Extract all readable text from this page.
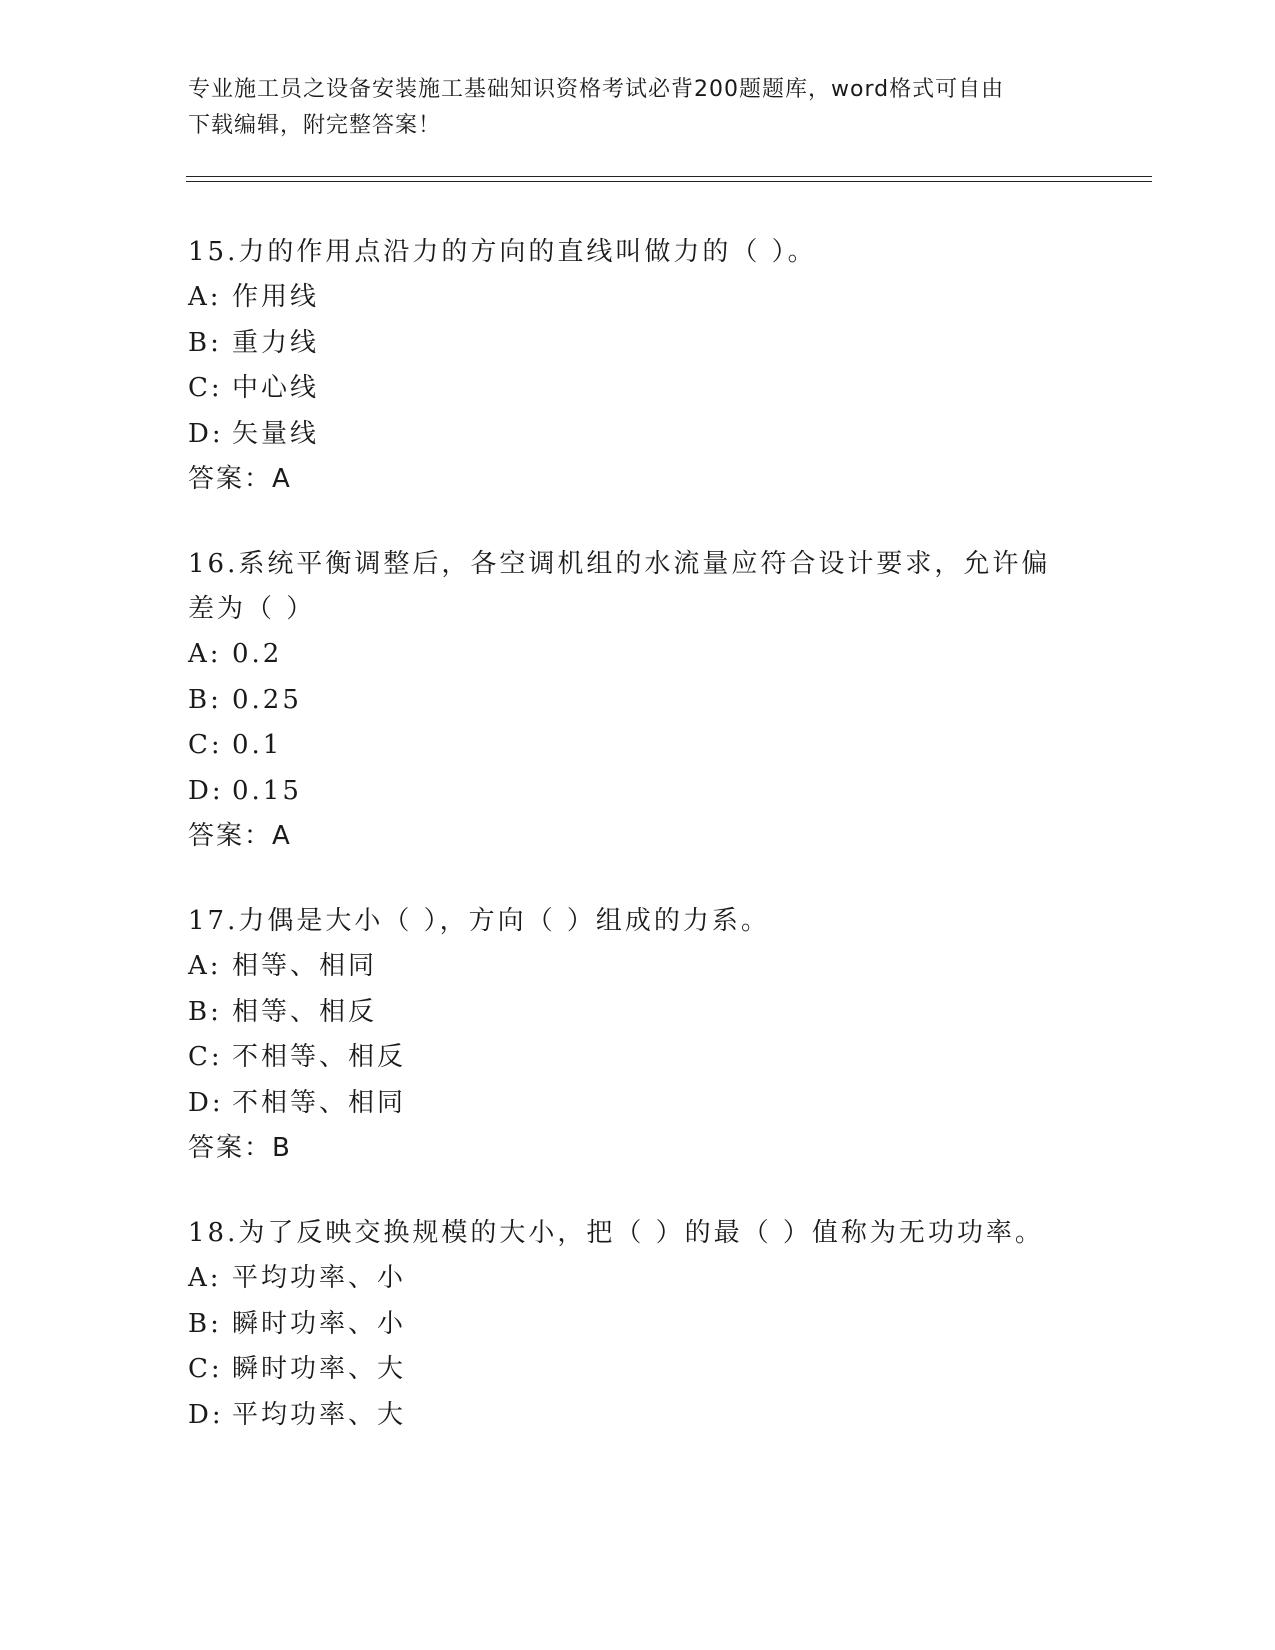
专业施工员之设备安装施工基础知识资格考试必背200题题库，word格式可自由
下载编辑，附完整答案！
15.力的作用点沿力的方向的直线叫做力的（ ）。
A: 作用线
B: 重力线
C: 中心线
D: 矢量线
答案：A
16.系统平衡调整后，各空调机组的水流量应符合设计要求，允许偏差为（ ）
A: 0.2
B: 0.25
C: 0.1
D: 0.15
答案：A
17.力偶是大小（ ），方向（ ）组成的力系。
A: 相等、相同
B: 相等、相反
C: 不相等、相反
D: 不相等、相同
答案：B
18.为了反映交换规模的大小，把（ ）的最（ ）值称为无功功率。
A: 平均功率、小
B: 瞬时功率、小
C: 瞬时功率、大
D: 平均功率、大
